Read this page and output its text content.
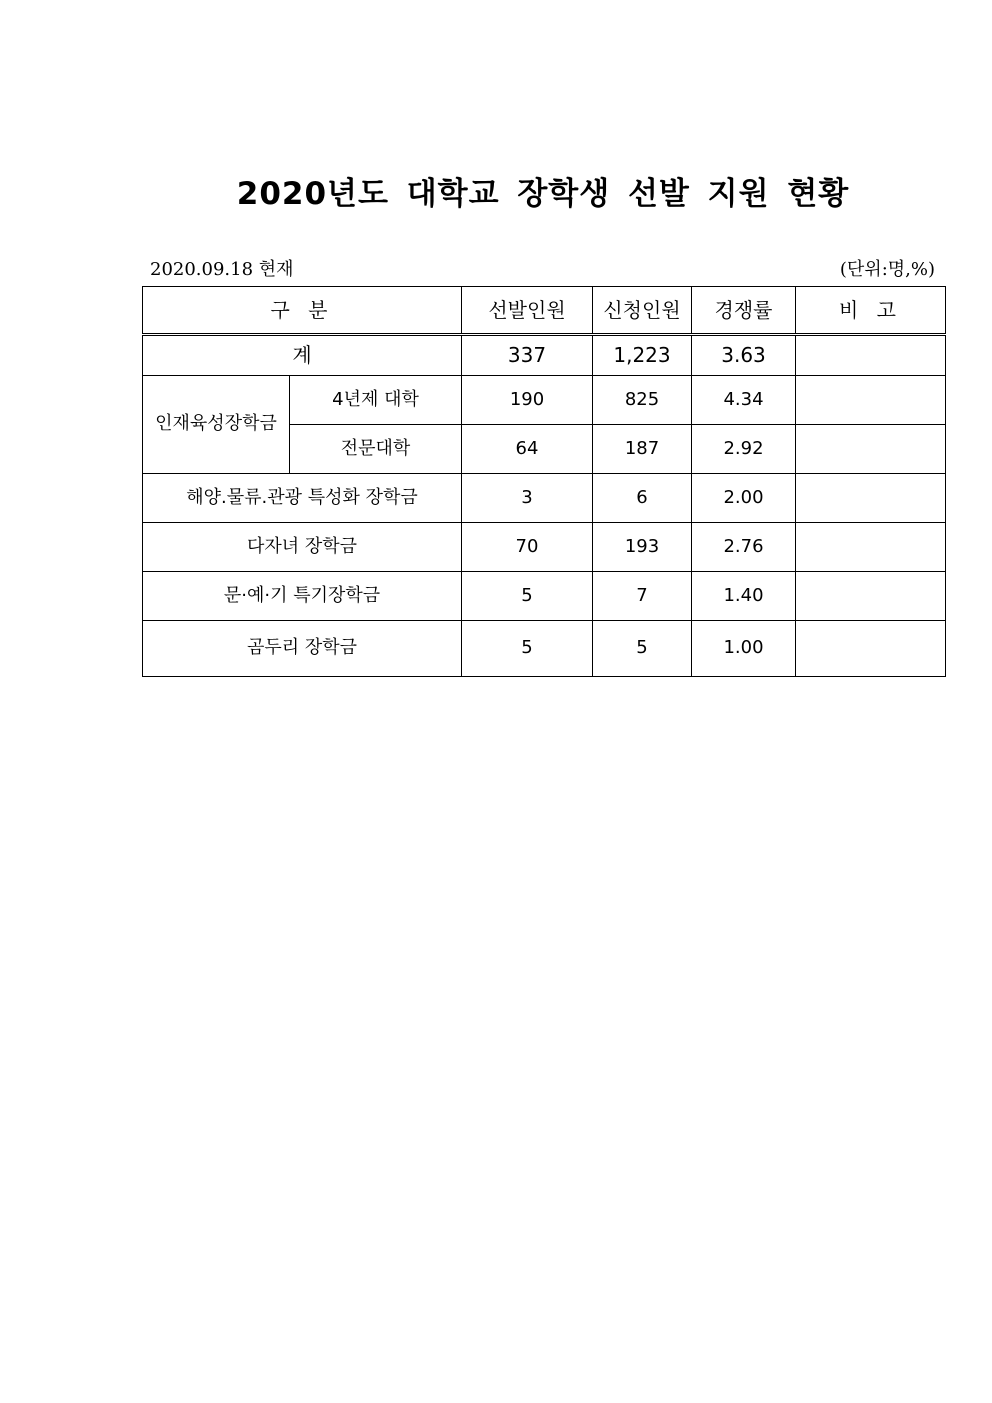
2020년도 대학교 장학생 선발 지원 현황
2020.09.18 현재	(단위:명,%)
구 분		선발인원	신청인원	경쟁률	비 고
계		337	1,223	3.63	
인재육성장학금	4년제 대학	190	825	4.34	
	전문대학	64	187	2.92	
해양.물류.관광 특성화 장학금		3	6	2.00	
다자녀 장학금		70	193	2.76	
문·예·기 특기장학금		5	7	1.40	
곰두리 장학금		5	5	1.00	
